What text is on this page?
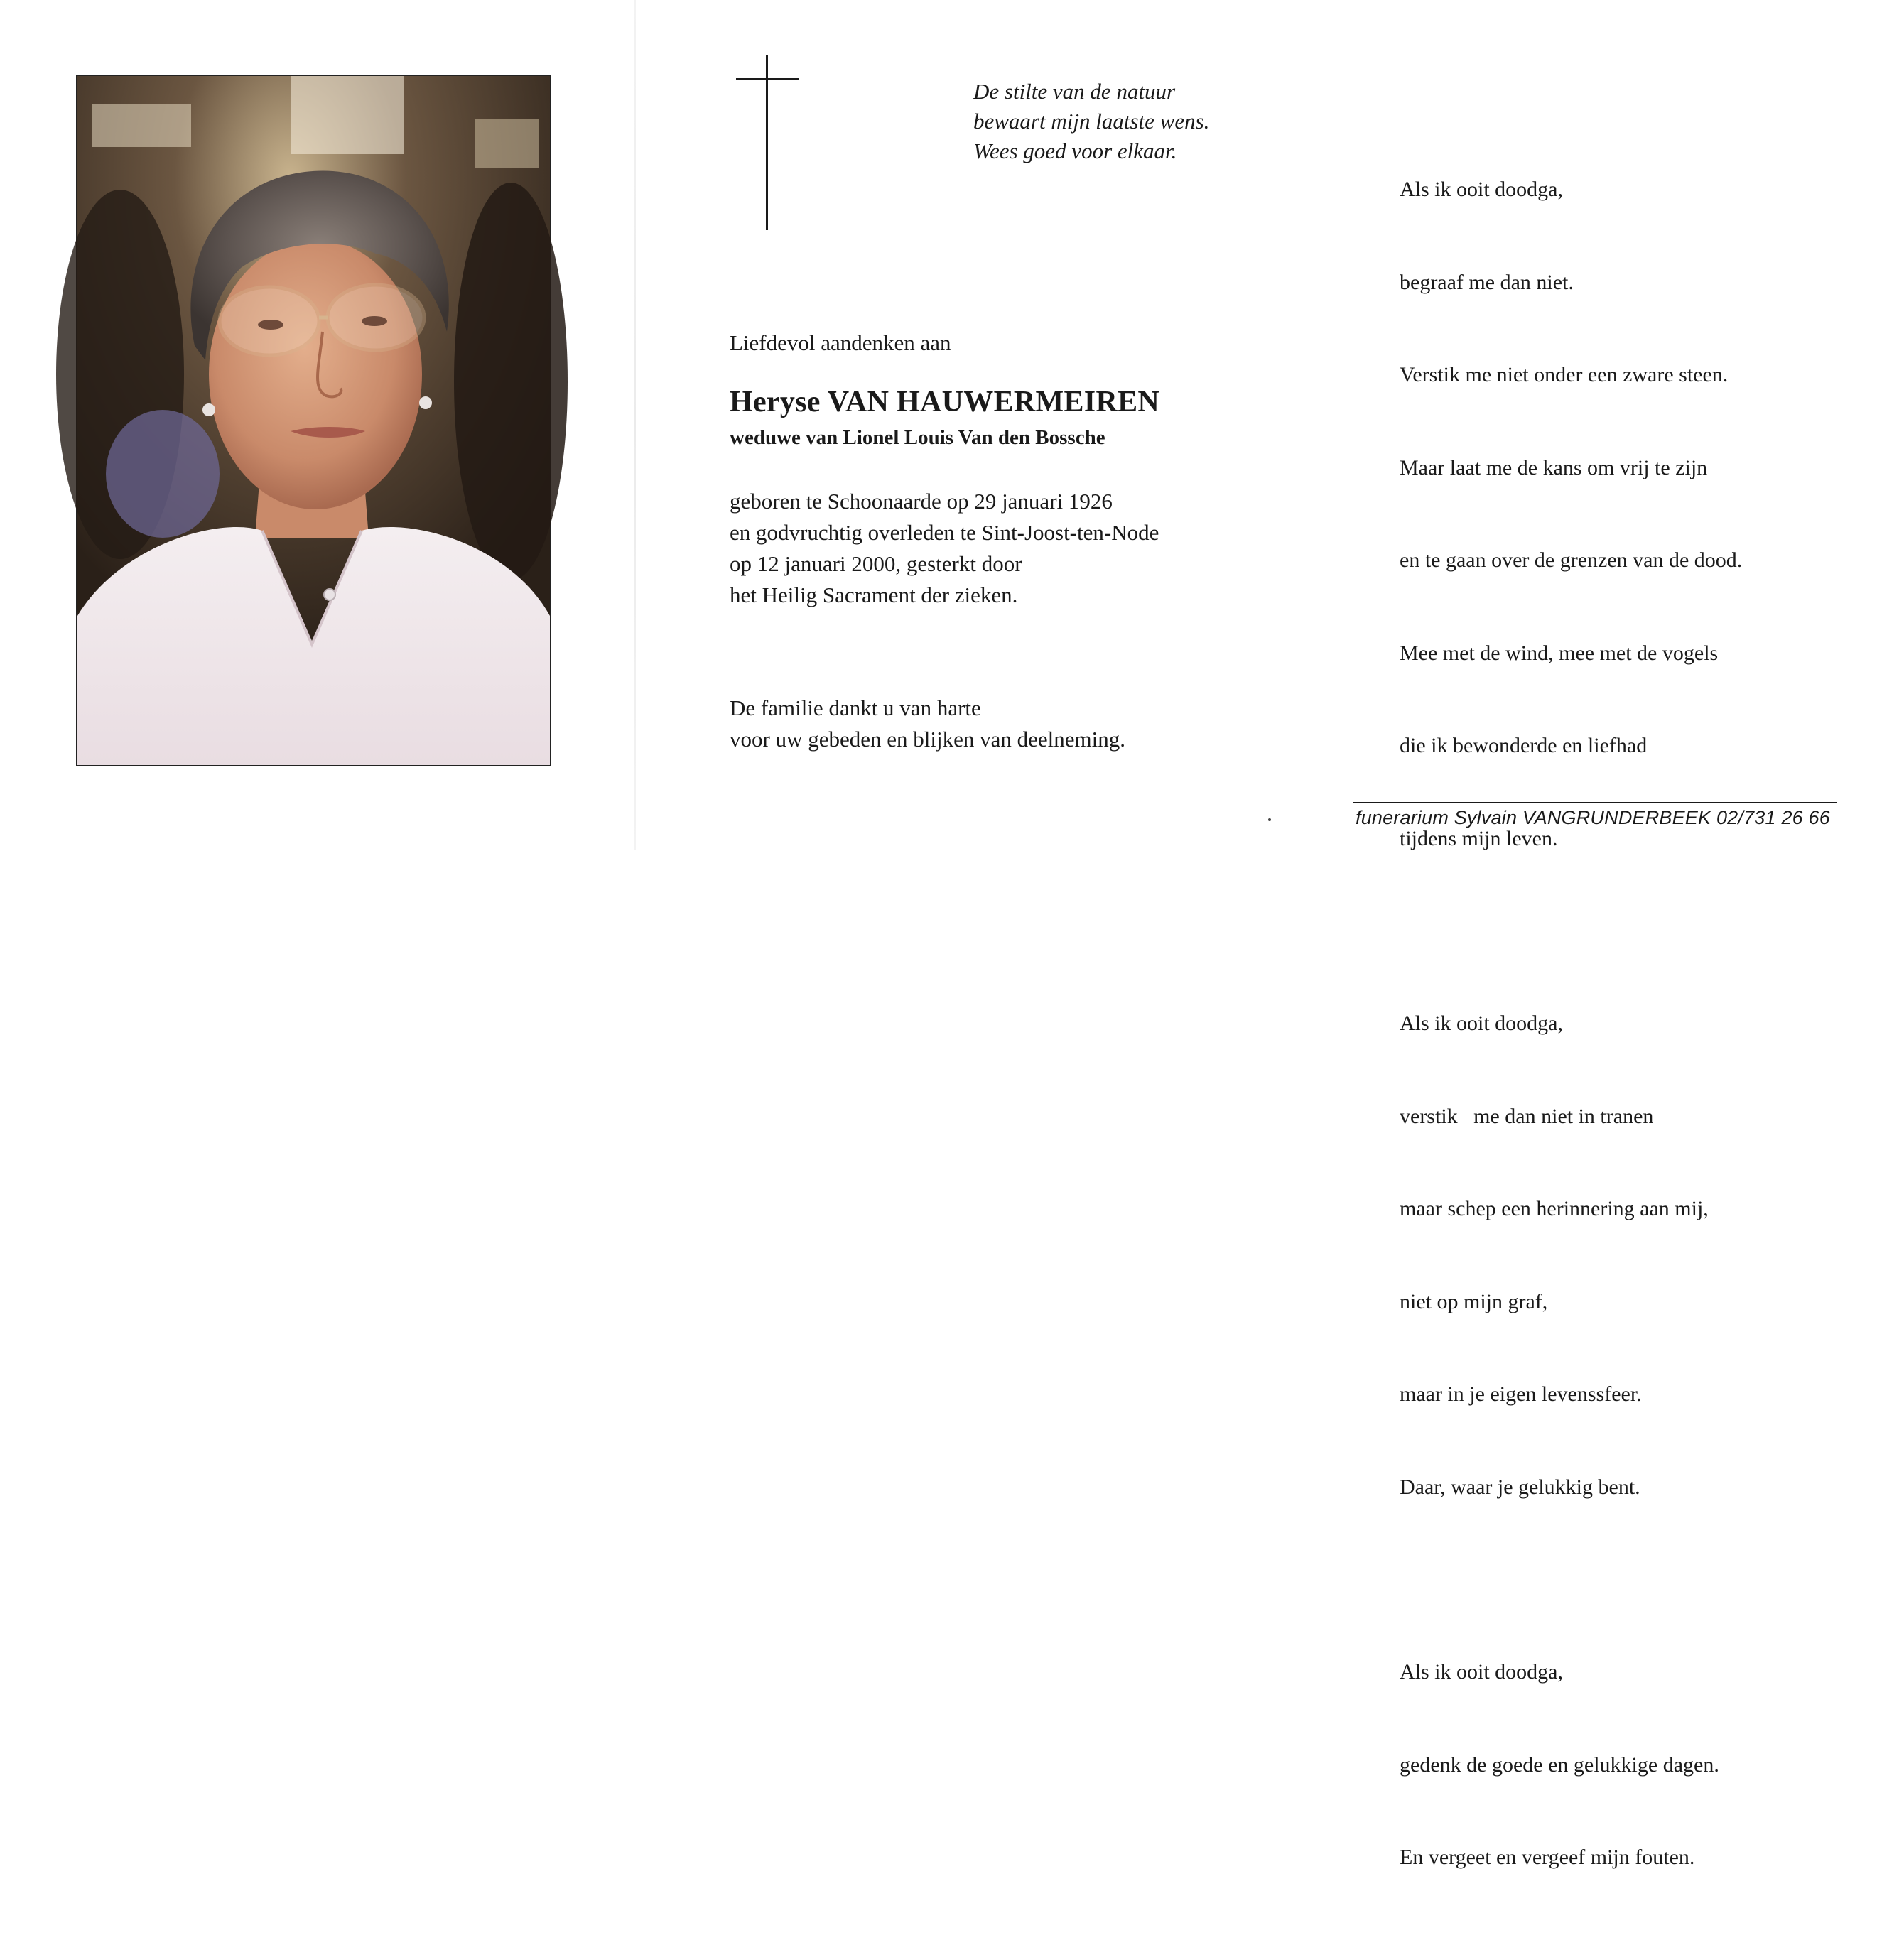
De stilte van de natuur
bewaart mijn laatste wens.
Wees goed voor elkaar.
Liefdevol aandenken aan
Heryse VAN HAUWERMEIREN
weduwe van Lionel Louis Van den Bossche
geboren te Schoonaarde op 29 januari 1926
en godvruchtig overleden te Sint-Joost-ten-Node
op 12 januari 2000, gesterkt door
het Heilig Sacrament der zieken.
De familie dankt u van harte
voor uw gebeden en blijken van deelneming.

Als ik ooit doodga,

begraaf me dan niet.

Verstik me niet onder een zware steen.

Maar laat me de kans om vrij te zijn

en te gaan over de grenzen van de dood.

Mee met de wind, mee met de vogels

die ik bewonderde en liefhad

tijdens mijn leven.

Als ik ooit doodga,

verstik   me dan niet in tranen

maar schep een herinnering aan mij,

niet op mijn graf,

maar in je eigen levenssfeer.

Daar, waar je gelukkig bent.

Als ik ooit doodga,

gedenk de goede en gelukkige dagen.

En vergeet en vergeef mijn fouten.

funerarium Sylvain VANGRUNDERBEEK 02/731 26 66
